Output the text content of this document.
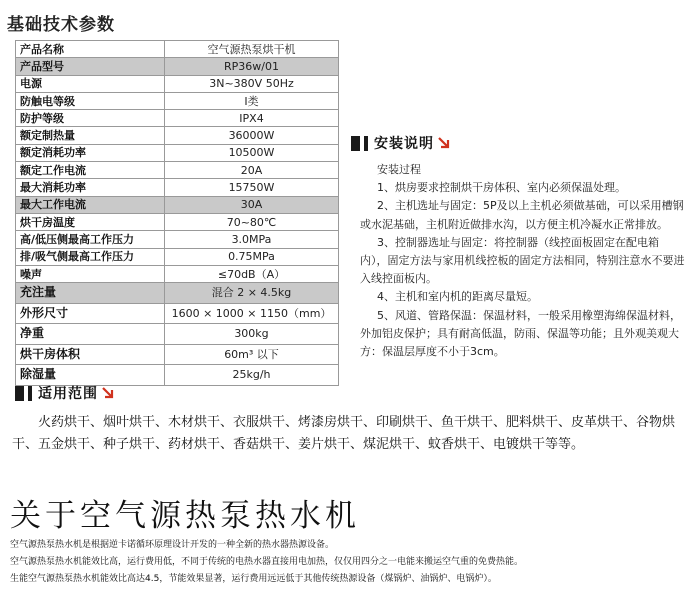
基础技术参数
产品名称	空气源热泵烘干机
产品型号	RP36w/01
电源	3N~380V 50Hz
防触电等级	I类
防护等级	IPX4
额定制热量	36000W
额定消耗功率	10500W
额定工作电流	20A
最大消耗功率	15750W
最大工作电流	30A
烘干房温度	70~80℃
高/低压侧最高工作压力	3.0MPa
排/吸气侧最高工作压力	0.75MPa
噪声	≤70dB（A）
充注量	混合 2 × 4.5kg
外形尺寸	1600 × 1000 × 1150（mm）
净重	300kg
烘干房体积	60m³ 以下
除湿量	25kg/h
安装说明

安装过程

1、烘房要求控制烘干房体积、室内必须保温处理。

2、主机选址与固定：5P及以上主机必须做基础，可以采用槽钢或水泥基础，主机附近做排水沟，以方便主机冷凝水正常排放。

3、控制器选址与固定：将控制器（线控面板固定在配电箱内），固定方法与家用机线控板的固定方法相同，特别注意水不要进入线控面板内。

4、主机和室内机的距离尽量短。

5、风道、管路保温：保温材料，一般采用橡塑海绵保温材料，外加铝皮保护；具有耐高低温，防雨、保温等功能；且外观美观大方：保温层厚度不小于3cm。

适用范围
火药烘干、烟叶烘干、木材烘干、衣服烘干、烤漆房烘干、印刷烘干、鱼干烘干、肥料烘干、皮革烘干、谷物烘干、五金烘干、种子烘干、药材烘干、香菇烘干、姜片烘干、煤泥烘干、蚊香烘干、电镀烘干等等。
关于空气源热泵热水机

空气源热泵热水机是根据逆卡诺循环原理设计开发的一种全新的热水器热源设备。

空气源热泵热水机能效比高，运行费用低，不同于传统的电热水器直接用电加热，仅仅用四分之一电能来搬运空气重的免费热能。

生能空气源热泵热水机能效比高达4.5，节能效果显著，运行费用远远低于其他传统热源设备（煤锅炉、油锅炉、电锅炉）。
